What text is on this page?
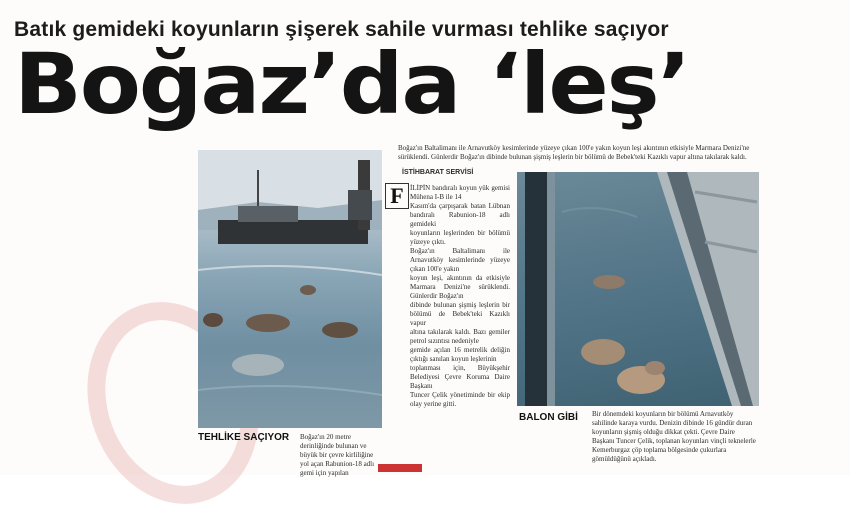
Batık gemideki koyunların şişerek sahile vurması tehlike saçıyor
Boğaz’da ‘leş’
TEHLİKE SAÇIYOR Boğaz'ın 20 metre derinliğinde bulunan ve büyük bir çevre kirliliğine yol açan Rabunion-18 adlı gemi için yapılan
Boğaz'ın Baltalimanı ile Arnavutköy kesimlerinde yüzeye çıkan 100'e yakın koyun leşi akıntının etkisiyle Marmara Denizi'ne sürüklendi. Günlerdir Boğaz'ın dibinde bulunan şişmiş leşlerin bir bölümü de Bebek'teki Kazıklı vapur altına takılarak kaldı.
İSTİHBARAT SERVİSİ
F İLİPİN bandıralı koyun yük gemisi Mühena I-B ile 14
Kasım'da çarpışarak batan Lübnan bandıralı Rabunion-18 adlı gemideki
koyunların leşlerinden bir bölümü yüzeye çıktı.
Boğaz'ın Baltalimanı ile Arnavutköy kesimlerinde yüzeye çıkan 100'e yakın
koyun leşi, akıntının da etkisiyle Marmara Denizi'ne sürüklendi. Günlerdir Boğaz'ın
dibinde bulunan şişmiş leşlerin bir bölümü de Bebek'teki Kazıklı vapur
altına takılarak kaldı. Bazı gemiler petrol sızıntısı nedeniyle
gemide açılan 16 metrelik deliğin çıktığı sanılan koyun leşlerinin
toplanması için, Büyükşehir Belediyesi Çevre Koruma Daire Başkanı
Tuncer Çelik yönetiminde bir ekip olay yerine gitti.
BALON GİBİ Bir dönemdeki koyunların bir bölümü Arnavutköy sahilinde karaya vurdu. Denizin dibinde 16 gündür duran koyunların şişmiş olduğu dikkat çekti. Çevre Daire Başkanı Tuncer Çelik, toplanan koyunları vinçli teknelerle Kemerburgaz çöp toplama bölgesinde çukurlara gömüldüğünü açıkladı.
